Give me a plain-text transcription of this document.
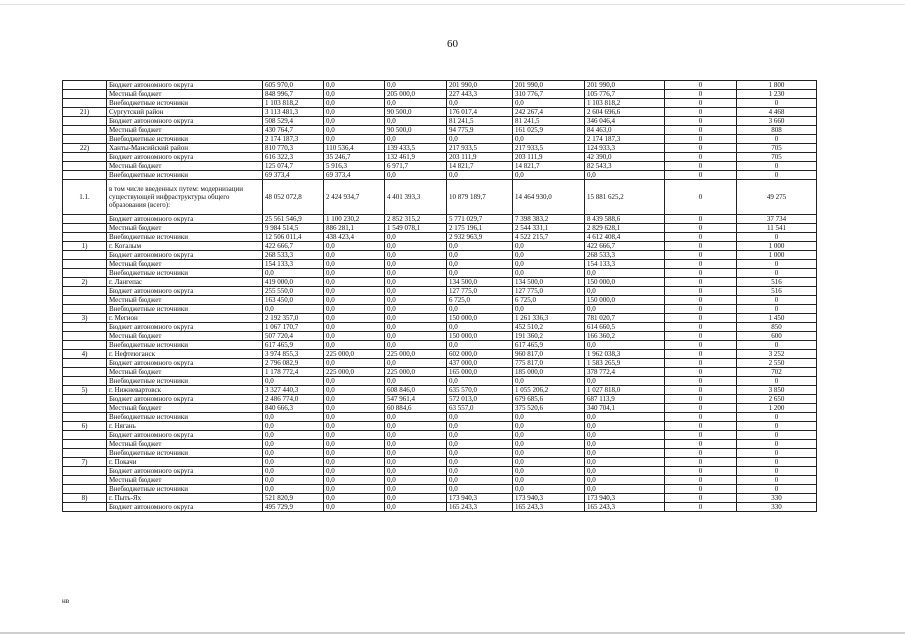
60
	Бюджет автономного округа	605 970,0	0,0	0,0	201 990,0	201 990,0	201 990,0	0	1 800
	Местный бюджет	848 996,7	0,0	205 000,0	227 443,3	310 776,7	105 776,7	0	1 230
	Внебюджетные источники	1 103 818,2	0,0	0,0	0,0	0,0	1 103 818,2	0	0
21)	Сургутский район	3 113 481,3	0,0	90 500,0	176 017,4	242 267,4	2 604 696,6	0	4 468
	Бюджет автономного округа	508 529,4	0,0	0,0	81 241,5	81 241,5	346 046,4	0	3 660
	Местный бюджет	430 764,7	0,0	90 500,0	94 775,9	161 025,9	84 463,0	0	808
	Внебюджетные источники	2 174 187,3	0,0	0,0	0,0	0,0	2 174 187,3	0	0
22)	Ханты-Мансийский район	810 770,3	110 536,4	139 433,5	217 933,5	217 933,5	124 933,3	0	705
	Бюджет автономного округа	616 322,3	35 246,7	132 461,9	203 111,9	203 111,9	42 390,0	0	705
	Местный бюджет	125 074,7	5 916,3	6 971,7	14 821,7	14 821,7	82 543,3	0	0
	Внебюджетные источники	69 373,4	69 373,4	0,0	0,0	0,0	0,0	0	0
1.1.	в том числе введенных путем: модернизации существующей инфраструктуры общего образования (всего):	48 052 072,8	2 424 934,7	4 401 393,3	10 879 189,7	14 464 930,0	15 881 625,2	0	49 275
	Бюджет автономного округа	25 561 546,9	1 100 230,2	2 852 315,2	5 771 029,7	7 398 383,2	8 439 588,6	0	37 734
	Местный бюджет	9 984 514,5	886 281,1	1 549 078,1	2 175 196,1	2 544 331,1	2 829 628,1	0	11 541
	Внебюджетные источники	12 506 011,4	438 423,4	0,0	2 932 963,9	4 522 215,7	4 612 408,4	0	0
1)	г. Когалым	422 666,7	0,0	0,0	0,0	0,0	422 666,7	0	1 000
	Бюджет автономного округа	268 533,3	0,0	0,0	0,0	0,0	268 533,3	0	1 000
	Местный бюджет	154 133,3	0,0	0,0	0,0	0,0	154 133,3	0	0
	Внебюджетные источники	0,0	0,0	0,0	0,0	0,0	0,0	0	0
2)	г. Лангепас	419 000,0	0,0	0,0	134 500,0	134 500,0	150 000,0	0	516
	Бюджет автономного округа	255 550,0	0,0	0,0	127 775,0	127 775,0	0,0	0	516
	Местный бюджет	163 450,0	0,0	0,0	6 725,0	6 725,0	150 000,0	0	0
	Внебюджетные источники	0,0	0,0	0,0	0,0	0,0	0,0	0	0
3)	г. Мегион	2 192 357,0	0,0	0,0	150 000,0	1 261 336,3	781 020,7	0	1 450
	Бюджет автономного округа	1 067 170,7	0,0	0,0	0,0	452 510,2	614 660,5	0	850
	Местный бюджет	507 720,4	0,0	0,0	150 000,0	191 360,2	166 360,2	0	600
	Внебюджетные источники	617 465,9	0,0	0,0	0,0	617 465,9	0,0	0	0
4)	г. Нефтеюганск	3 974 855,3	225 000,0	225 000,0	602 000,0	960 817,0	1 962 038,3	0	3 252
	Бюджет автономного округа	2 796 082,9	0,0	0,0	437 000,0	775 817,0	1 583 265,9	0	2 550
	Местный бюджет	1 178 772,4	225 000,0	225 000,0	165 000,0	185 000,0	378 772,4	0	702
	Внебюджетные источники	0,0	0,0	0,0	0,0	0,0	0,0	0	0
5)	г. Нижневартовск	3 327 440,3	0,0	608 846,0	635 570,0	1 055 206,2	1 027 818,0	0	3 850
	Бюджет автономного округа	2 486 774,0	0,0	547 961,4	572 013,0	679 685,6	687 113,9	0	2 650
	Местный бюджет	840 666,3	0,0	60 884,6	63 557,0	375 520,6	340 704,1	0	1 200
	Внебюджетные источники	0,0	0,0	0,0	0,0	0,0	0,0	0	0
6)	г. Нягань	0,0	0,0	0,0	0,0	0,0	0,0	0	0
	Бюджет автономного округа	0,0	0,0	0,0	0,0	0,0	0,0	0	0
	Местный бюджет	0,0	0,0	0,0	0,0	0,0	0,0	0	0
	Внебюджетные источники	0,0	0,0	0,0	0,0	0,0	0,0	0	0
7)	г. Покачи	0,0	0,0	0,0	0,0	0,0	0,0	0	0
	Бюджет автономного округа	0,0	0,0	0,0	0,0	0,0	0,0	0	0
	Местный бюджет	0,0	0,0	0,0	0,0	0,0	0,0	0	0
	Внебюджетные источники	0,0	0,0	0,0	0,0	0,0	0,0	0	0
8)	г. Пыть-Ях	521 820,9	0,0	0,0	173 940,3	173 940,3	173 940,3	0	330
	Бюджет автономного округа	495 729,9	0,0	0,0	165 243,3	165 243,3	165 243,3	0	330
нв
